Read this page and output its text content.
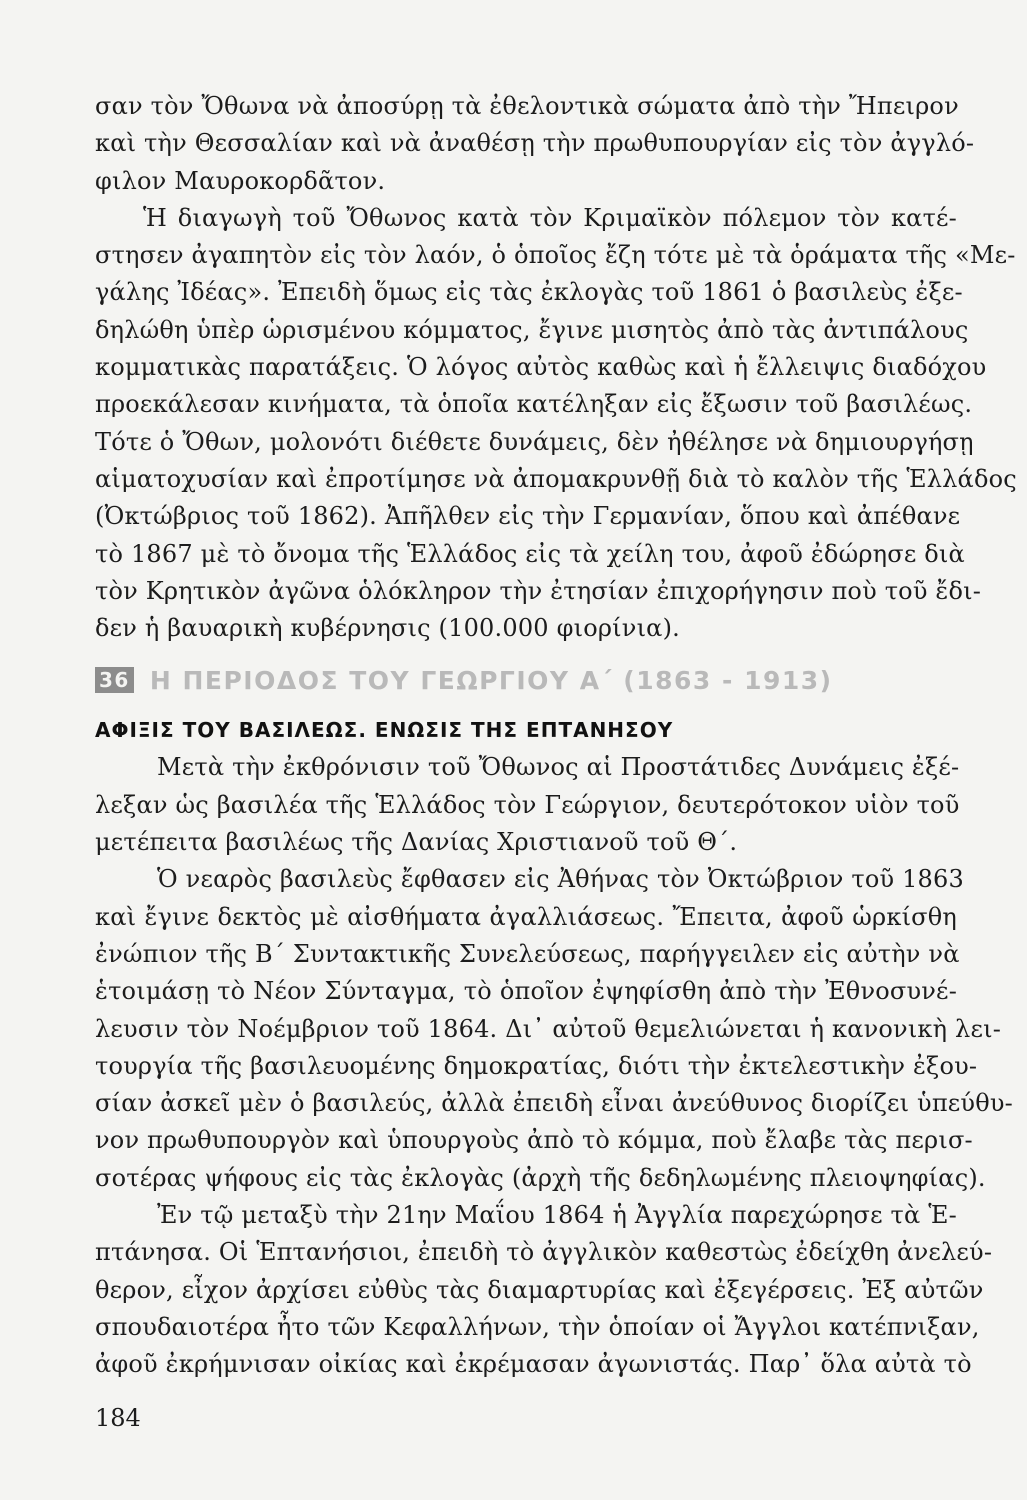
σαν τὸν Ὄθωνα νὰ ἀποσύρῃ τὰ ἐθελοντικὰ σώματα ἀπὸ τὴν Ἤπειρον
καὶ τὴν Θεσσαλίαν καὶ νὰ ἀναθέσῃ τὴν πρωθυπουργίαν εἰς τὸν ἀγγλό-
φιλον Μαυροκορδᾶτον.
Ἡ διαγωγὴ τοῦ Ὄθωνος κατὰ τὸν Κριμαϊκὸν πόλεμον τὸν κατέ-
στησεν ἀγαπητὸν εἰς τὸν λαόν, ὁ ὁποῖος ἔζη τότε μὲ τὰ ὁράματα τῆς «Με-
γάλης Ἰδέας». Ἐπειδὴ ὅμως εἰς τὰς ἐκλογὰς τοῦ 1861 ὁ βασιλεὺς ἐξε-
δηλώθη ὑπὲρ ὡρισμένου κόμματος, ἔγινε μισητὸς ἀπὸ τὰς ἀντιπάλους
κομματικὰς παρατάξεις. Ὁ λόγος αὐτὸς καθὼς καὶ ἡ ἔλλειψις διαδόχου
προεκάλεσαν κινήματα, τὰ ὁποῖα κατέληξαν εἰς ἔξωσιν τοῦ βασιλέως.
Τότε ὁ Ὄθων, μολονότι διέθετε δυνάμεις, δὲν ἠθέλησε νὰ δημιουργήσῃ
αἱματοχυσίαν καὶ ἐπροτίμησε νὰ ἀπομακρυνθῇ διὰ τὸ καλὸν τῆς Ἑλλάδος
(Ὀκτώβριος τοῦ 1862). Ἀπῆλθεν εἰς τὴν Γερμανίαν, ὅπου καὶ ἀπέθανε
τὸ 1867 μὲ τὸ ὄνομα τῆς Ἑλλάδος εἰς τὰ χείλη του, ἀφοῦ ἐδώρησε διὰ
τὸν Κρητικὸν ἀγῶνα ὁλόκληρον τὴν ἐτησίαν ἐπιχορήγησιν ποὺ τοῦ ἔδι-
δεν ἡ βαυαρικὴ κυβέρνησις (100.000 φιορίνια).
36 Η ΠΕΡΙΟΔΟΣ ΤΟΥ ΓΕΩΡΓΙΟΥ Α΄ (1863 - 1913)
ΑΦΙΞΙΣ ΤΟΥ ΒΑΣΙΛΕΩΣ. ΕΝΩΣΙΣ ΤΗΣ ΕΠΤΑΝΗΣΟΥ
Μετὰ τὴν ἐκθρόνισιν τοῦ Ὄθωνος αἱ Προστάτιδες Δυνάμεις ἐξέ-
λεξαν ὡς βασιλέα τῆς Ἑλλάδος τὸν Γεώργιον, δευτερότοκον υἱὸν τοῦ
μετέπειτα βασιλέως τῆς Δανίας Χριστιανοῦ τοῦ Θ΄.
Ὁ νεαρὸς βασιλεὺς ἔφθασεν εἰς Ἀθήνας τὸν Ὀκτώβριον τοῦ 1863
καὶ ἔγινε δεκτὸς μὲ αἰσθήματα ἀγαλλιάσεως. Ἔπειτα, ἀφοῦ ὡρκίσθη
ἐνώπιον τῆς Β΄ Συντακτικῆς Συνελεύσεως, παρήγγειλεν εἰς αὐτὴν νὰ
ἑτοιμάσῃ τὸ Νέον Σύνταγμα, τὸ ὁποῖον ἐψηφίσθη ἀπὸ τὴν Ἐθνοσυνέ-
λευσιν τὸν Νοέμβριον τοῦ 1864. Δι᾽ αὐτοῦ θεμελιώνεται ἡ κανονικὴ λει-
τουργία τῆς βασιλευομένης δημοκρατίας, διότι τὴν ἐκτελεστικὴν ἐξου-
σίαν ἀσκεῖ μὲν ὁ βασιλεύς, ἀλλὰ ἐπειδὴ εἶναι ἀνεύθυνος διορίζει ὑπεύθυ-
νον πρωθυπουργὸν καὶ ὑπουργοὺς ἀπὸ τὸ κόμμα, ποὺ ἔλαβε τὰς περισ-
σοτέρας ψήφους εἰς τὰς ἐκλογὰς (ἀρχὴ τῆς δεδηλωμένης πλειοψηφίας).
Ἐν τῷ μεταξὺ τὴν 21ην Μαΐου 1864 ἡ Ἀγγλία παρεχώρησε τὰ Ἑ-
πτάνησα. Οἱ Ἑπτανήσιοι, ἐπειδὴ τὸ ἀγγλικὸν καθεστὼς ἐδείχθη ἀνελεύ-
θερον, εἶχον ἀρχίσει εὐθὺς τὰς διαμαρτυρίας καὶ ἐξεγέρσεις. Ἐξ αὐτῶν
σπουδαιοτέρα ἦτο τῶν Κεφαλλήνων, τὴν ὁποίαν οἱ Ἄγγλοι κατέπνιξαν,
ἀφοῦ ἐκρήμνισαν οἰκίας καὶ ἐκρέμασαν ἀγωνιστάς. Παρ᾽ ὅλα αὐτὰ τὸ
184
